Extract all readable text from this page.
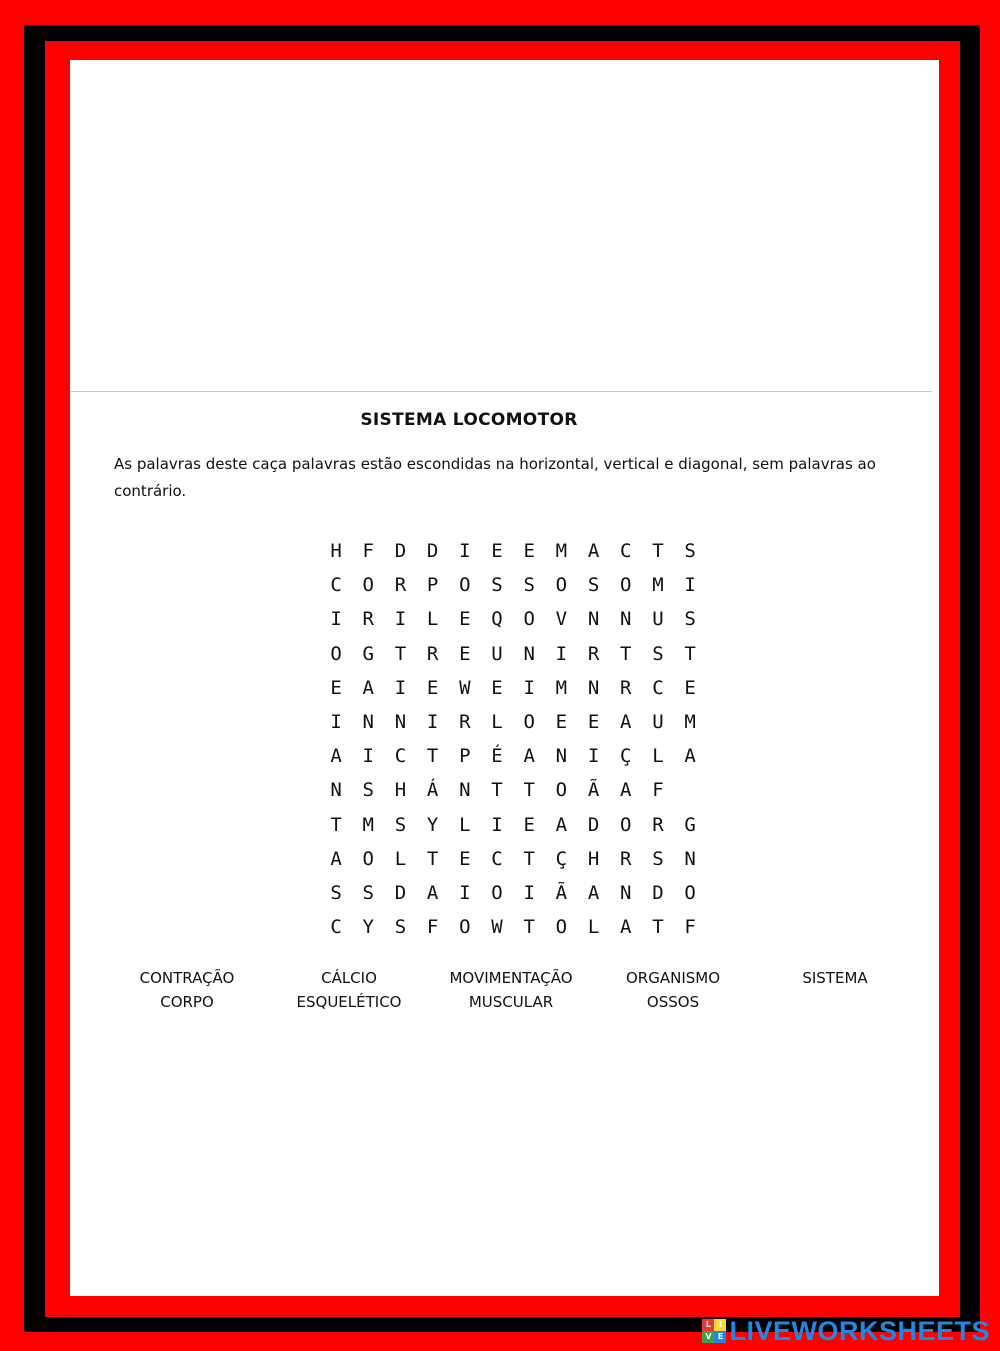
SISTEMA LOCOMOTOR
As palavras deste caça palavras estão escondidas na horizontal, vertical e diagonal, sem palavras ao contrário.
H	F	D	D	I	E	E	M	A	C	T	S
C	O	R	P	O	S	S	O	S	O	M	I
I	R	I	L	E	Q	O	V	N	N	U	S
O	G	T	R	E	U	N	I	R	T	S	T
E	A	I	E	W	E	I	M	N	R	C	E
I	N	N	I	R	L	O	E	E	A	U	M
A	I	C	T	P	É	A	N	I	Ç	L	A
N	S	H	Á	N	T	T	O	Ã	A	F
T	M	S	Y	L	I	E	A	D	O	R	G
A	O	L	T	E	C	T	Ç	H	R	S	N
S	S	D	A	I	O	I	Ã	A	N	D	O
C	Y	S	F	O	W	T	O	L	A	T	F
CONTRAÇÃO
CORPO
CÁLCIO
ESQUELÉTICO
MOVIMENTAÇÃO
MUSCULAR
ORGANISMO
OSSOS
SISTEMA
L I
V E LIVEWORKSHEETS
